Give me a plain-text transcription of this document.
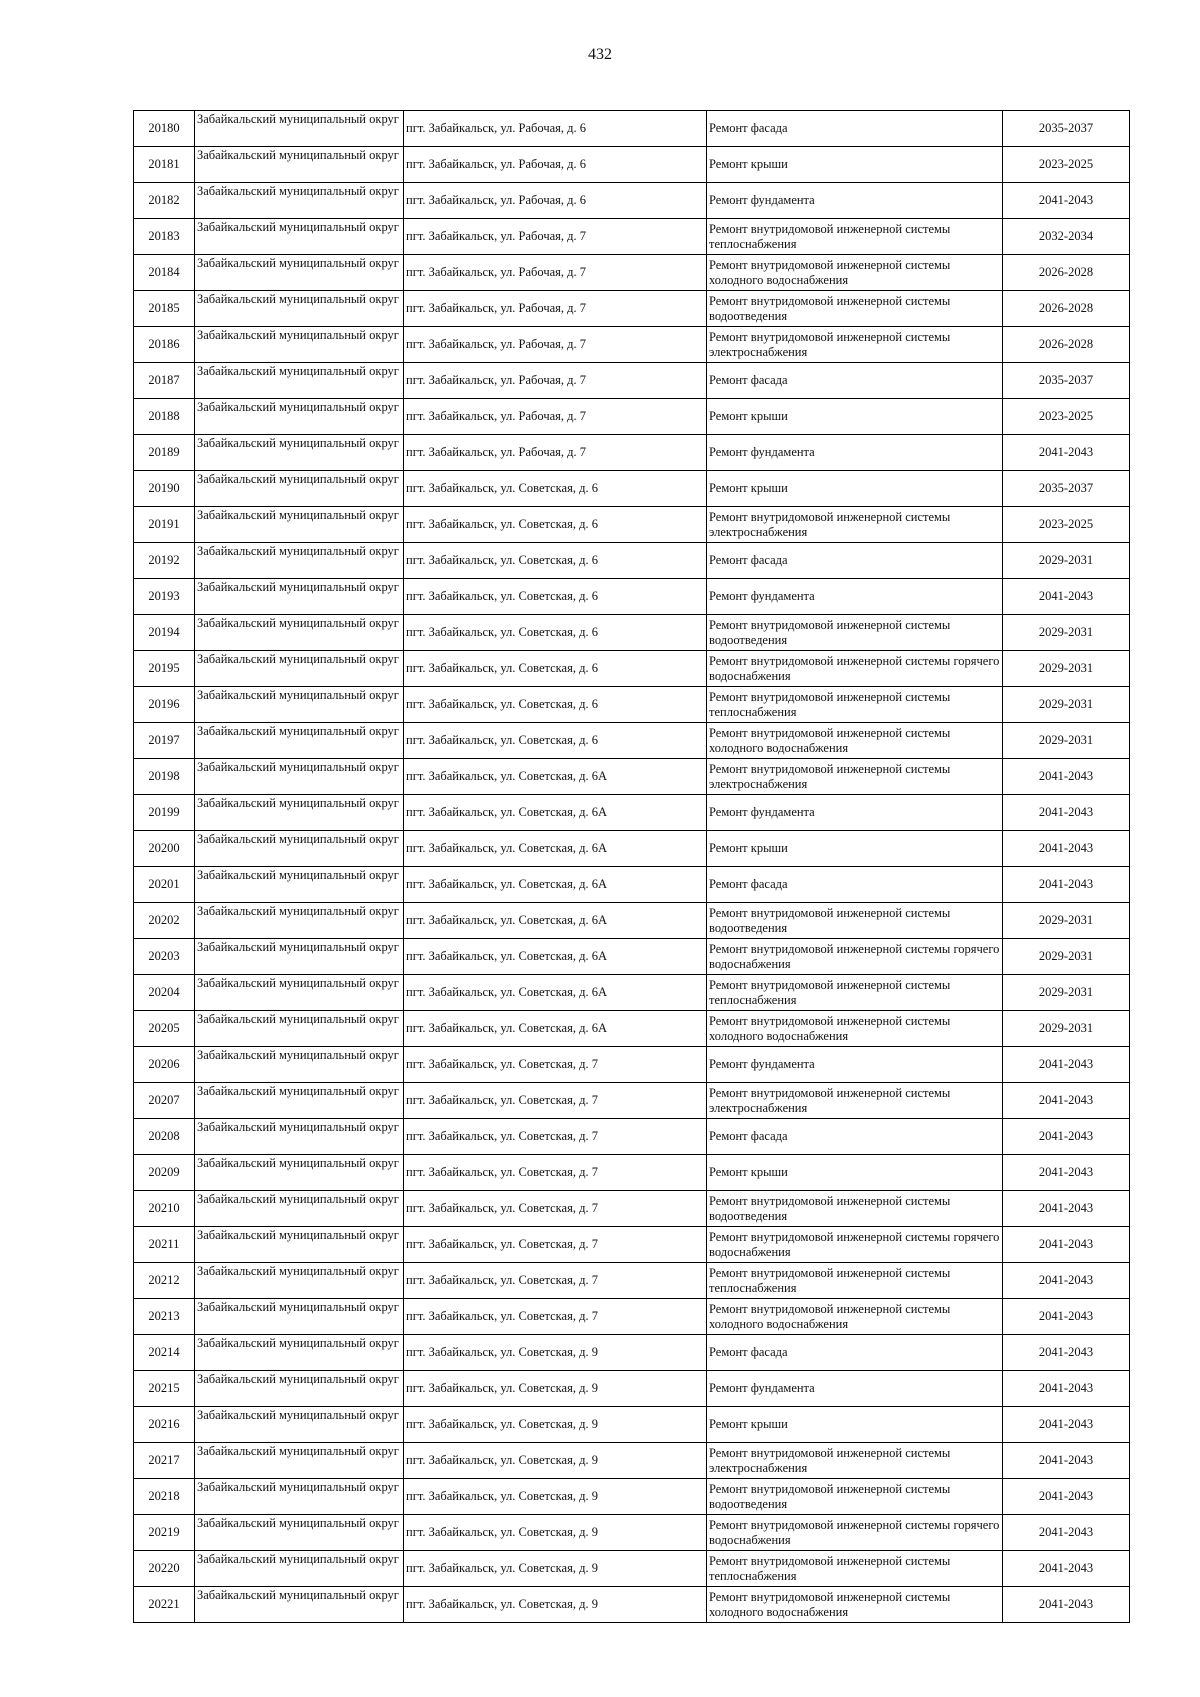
432
20180	Забайкальский муниципальный округ	пгт. Забайкальск, ул. Рабочая, д. 6	Ремонт фасада	2035-2037
20181	Забайкальский муниципальный округ	пгт. Забайкальск, ул. Рабочая, д. 6	Ремонт крыши	2023-2025
20182	Забайкальский муниципальный округ	пгт. Забайкальск, ул. Рабочая, д. 6	Ремонт фундамента	2041-2043
20183	Забайкальский муниципальный округ	пгт. Забайкальск, ул. Рабочая, д. 7	Ремонт внутридомовой инженерной системы теплоснабжения	2032-2034
20184	Забайкальский муниципальный округ	пгт. Забайкальск, ул. Рабочая, д. 7	Ремонт внутридомовой инженерной системы холодного водоснабжения	2026-2028
20185	Забайкальский муниципальный округ	пгт. Забайкальск, ул. Рабочая, д. 7	Ремонт внутридомовой инженерной системы водоотведения	2026-2028
20186	Забайкальский муниципальный округ	пгт. Забайкальск, ул. Рабочая, д. 7	Ремонт внутридомовой инженерной системы электроснабжения	2026-2028
20187	Забайкальский муниципальный округ	пгт. Забайкальск, ул. Рабочая, д. 7	Ремонт фасада	2035-2037
20188	Забайкальский муниципальный округ	пгт. Забайкальск, ул. Рабочая, д. 7	Ремонт крыши	2023-2025
20189	Забайкальский муниципальный округ	пгт. Забайкальск, ул. Рабочая, д. 7	Ремонт фундамента	2041-2043
20190	Забайкальский муниципальный округ	пгт. Забайкальск, ул. Советская, д. 6	Ремонт крыши	2035-2037
20191	Забайкальский муниципальный округ	пгт. Забайкальск, ул. Советская, д. 6	Ремонт внутридомовой инженерной системы электроснабжения	2023-2025
20192	Забайкальский муниципальный округ	пгт. Забайкальск, ул. Советская, д. 6	Ремонт фасада	2029-2031
20193	Забайкальский муниципальный округ	пгт. Забайкальск, ул. Советская, д. 6	Ремонт фундамента	2041-2043
20194	Забайкальский муниципальный округ	пгт. Забайкальск, ул. Советская, д. 6	Ремонт внутридомовой инженерной системы водоотведения	2029-2031
20195	Забайкальский муниципальный округ	пгт. Забайкальск, ул. Советская, д. 6	Ремонт внутридомовой инженерной системы горячего водоснабжения	2029-2031
20196	Забайкальский муниципальный округ	пгт. Забайкальск, ул. Советская, д. 6	Ремонт внутридомовой инженерной системы теплоснабжения	2029-2031
20197	Забайкальский муниципальный округ	пгт. Забайкальск, ул. Советская, д. 6	Ремонт внутридомовой инженерной системы холодного водоснабжения	2029-2031
20198	Забайкальский муниципальный округ	пгт. Забайкальск, ул. Советская, д. 6А	Ремонт внутридомовой инженерной системы электроснабжения	2041-2043
20199	Забайкальский муниципальный округ	пгт. Забайкальск, ул. Советская, д. 6А	Ремонт фундамента	2041-2043
20200	Забайкальский муниципальный округ	пгт. Забайкальск, ул. Советская, д. 6А	Ремонт крыши	2041-2043
20201	Забайкальский муниципальный округ	пгт. Забайкальск, ул. Советская, д. 6А	Ремонт фасада	2041-2043
20202	Забайкальский муниципальный округ	пгт. Забайкальск, ул. Советская, д. 6А	Ремонт внутридомовой инженерной системы водоотведения	2029-2031
20203	Забайкальский муниципальный округ	пгт. Забайкальск, ул. Советская, д. 6А	Ремонт внутридомовой инженерной системы горячего водоснабжения	2029-2031
20204	Забайкальский муниципальный округ	пгт. Забайкальск, ул. Советская, д. 6А	Ремонт внутридомовой инженерной системы теплоснабжения	2029-2031
20205	Забайкальский муниципальный округ	пгт. Забайкальск, ул. Советская, д. 6А	Ремонт внутридомовой инженерной системы холодного водоснабжения	2029-2031
20206	Забайкальский муниципальный округ	пгт. Забайкальск, ул. Советская, д. 7	Ремонт фундамента	2041-2043
20207	Забайкальский муниципальный округ	пгт. Забайкальск, ул. Советская, д. 7	Ремонт внутридомовой инженерной системы электроснабжения	2041-2043
20208	Забайкальский муниципальный округ	пгт. Забайкальск, ул. Советская, д. 7	Ремонт фасада	2041-2043
20209	Забайкальский муниципальный округ	пгт. Забайкальск, ул. Советская, д. 7	Ремонт крыши	2041-2043
20210	Забайкальский муниципальный округ	пгт. Забайкальск, ул. Советская, д. 7	Ремонт внутридомовой инженерной системы водоотведения	2041-2043
20211	Забайкальский муниципальный округ	пгт. Забайкальск, ул. Советская, д. 7	Ремонт внутридомовой инженерной системы горячего водоснабжения	2041-2043
20212	Забайкальский муниципальный округ	пгт. Забайкальск, ул. Советская, д. 7	Ремонт внутридомовой инженерной системы теплоснабжения	2041-2043
20213	Забайкальский муниципальный округ	пгт. Забайкальск, ул. Советская, д. 7	Ремонт внутридомовой инженерной системы холодного водоснабжения	2041-2043
20214	Забайкальский муниципальный округ	пгт. Забайкальск, ул. Советская, д. 9	Ремонт фасада	2041-2043
20215	Забайкальский муниципальный округ	пгт. Забайкальск, ул. Советская, д. 9	Ремонт фундамента	2041-2043
20216	Забайкальский муниципальный округ	пгт. Забайкальск, ул. Советская, д. 9	Ремонт крыши	2041-2043
20217	Забайкальский муниципальный округ	пгт. Забайкальск, ул. Советская, д. 9	Ремонт внутридомовой инженерной системы электроснабжения	2041-2043
20218	Забайкальский муниципальный округ	пгт. Забайкальск, ул. Советская, д. 9	Ремонт внутридомовой инженерной системы водоотведения	2041-2043
20219	Забайкальский муниципальный округ	пгт. Забайкальск, ул. Советская, д. 9	Ремонт внутридомовой инженерной системы горячего водоснабжения	2041-2043
20220	Забайкальский муниципальный округ	пгт. Забайкальск, ул. Советская, д. 9	Ремонт внутридомовой инженерной системы теплоснабжения	2041-2043
20221	Забайкальский муниципальный округ	пгт. Забайкальск, ул. Советская, д. 9	Ремонт внутридомовой инженерной системы холодного водоснабжения	2041-2043
